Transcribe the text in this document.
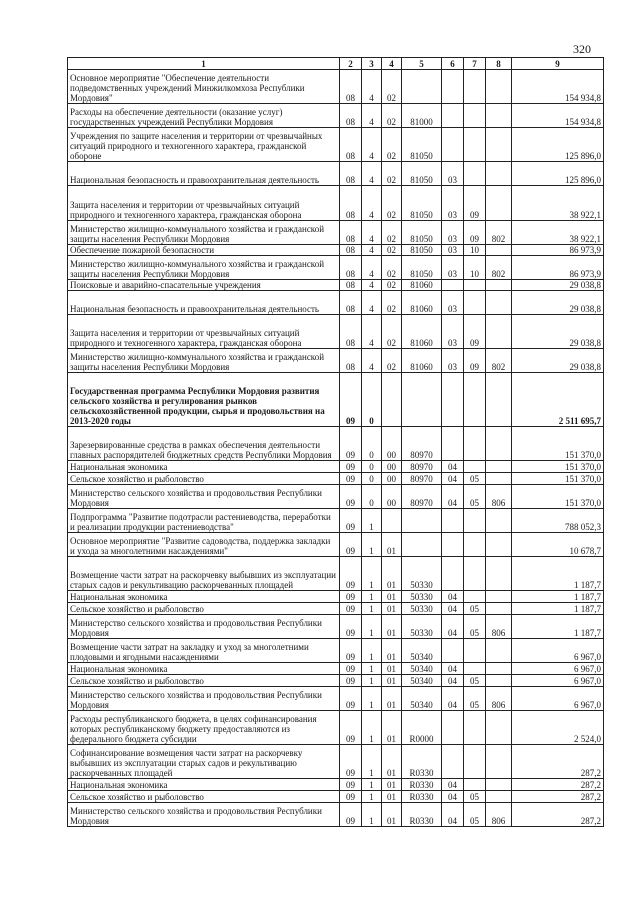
320
1	2	3	4	5	6	7	8	9
Основное мероприятие "Обеспечение деятельности подведомственных учреждений Минжилкомхоза Республики Мордовия"	08	4	02					154 934,8
Расходы на обеспечение деятельности (оказание услуг) государственных учреждений Республики Мордовия	08	4	02	81000				154 934,8
Учреждения по защите населения и территории от чрезвычайных ситуаций природного и техногенного характера, гражданской обороне	08	4	02	81050				125 896,0
Национальная безопасность и правоохранительная деятельность	08	4	02	81050	03			125 896,0
Защита населения и территории от чрезвычайных ситуаций природного и техногенного характера, гражданская оборона	08	4	02	81050	03	09		38 922,1
Министерство жилищно-коммунального хозяйства и гражданской защиты населения Республики Мордовия	08	4	02	81050	03	09	802	38 922,1
Обеспечение пожарной безопасности	08	4	02	81050	03	10		86 973,9
Министерство жилищно-коммунального хозяйства и гражданской защиты населения Республики Мордовия	08	4	02	81050	03	10	802	86 973,9
Поисковые и аварийно-спасательные учреждения	08	4	02	81060				29 038,8
Национальная безопасность и правоохранительная деятельность	08	4	02	81060	03			29 038,8
Защита населения и территории от чрезвычайных ситуаций природного и техногенного характера, гражданская оборона	08	4	02	81060	03	09		29 038,8
Министерство жилищно-коммунального хозяйства и гражданской защиты населения Республики Мордовия	08	4	02	81060	03	09	802	29 038,8
Государственная программа Республики Мордовия развития сельского хозяйства и регулирования рынков сельскохозяйственной продукции, сырья и продовольствия на 2013-2020 годы	09	0						2 511 695,7
Зарезервированные средства в рамках обеспечения деятельности главных распорядителей бюджетных средств Республики Мордовия	09	0	00	80970				151 370,0
Национальная экономика	09	0	00	80970	04			151 370,0
Сельское хозяйство и рыболовство	09	0	00	80970	04	05		151 370,0
Министерство сельского хозяйства и продовольствия Республики Мордовия	09	0	00	80970	04	05	806	151 370,0
Подпрограмма "Развитие подотрасли растениеводства, переработки и реализации продукции растениеводства"	09	1						788 052,3
Основное мероприятие "Развитие садоводства, поддержка закладки и ухода за многолетними насаждениями"	09	1	01					10 678,7
Возмещение части затрат на раскорчевку выбывших из эксплуатации старых садов и рекультивацию раскорчеванных площадей	09	1	01	50330				1 187,7
Национальная экономика	09	1	01	50330	04			1 187,7
Сельское хозяйство и рыболовство	09	1	01	50330	04	05		1 187,7
Министерство сельского хозяйства и продовольствия Республики Мордовия	09	1	01	50330	04	05	806	1 187,7
Возмещение части затрат на закладку и уход за многолетними плодовыми и ягодными насаждениями	09	1	01	50340				6 967,0
Национальная экономика	09	1	01	50340	04			6 967,0
Сельское хозяйство и рыболовство	09	1	01	50340	04	05		6 967,0
Министерство сельского хозяйства и продовольствия Республики Мордовия	09	1	01	50340	04	05	806	6 967,0
Расходы республиканского бюджета, в целях софинансирования которых республиканскому бюджету предоставляются из федерального бюджета субсидии	09	1	01	R0000				2 524,0
Софинансирование возмещения части затрат на раскорчевку выбывших из эксплуатации старых садов и рекультивацию раскорчеванных площадей	09	1	01	R0330				287,2
Национальная экономика	09	1	01	R0330	04			287,2
Сельское хозяйство и рыболовство	09	1	01	R0330	04	05		287,2
Министерство сельского хозяйства и продовольствия Республики Мордовия	09	1	01	R0330	04	05	806	287,2
